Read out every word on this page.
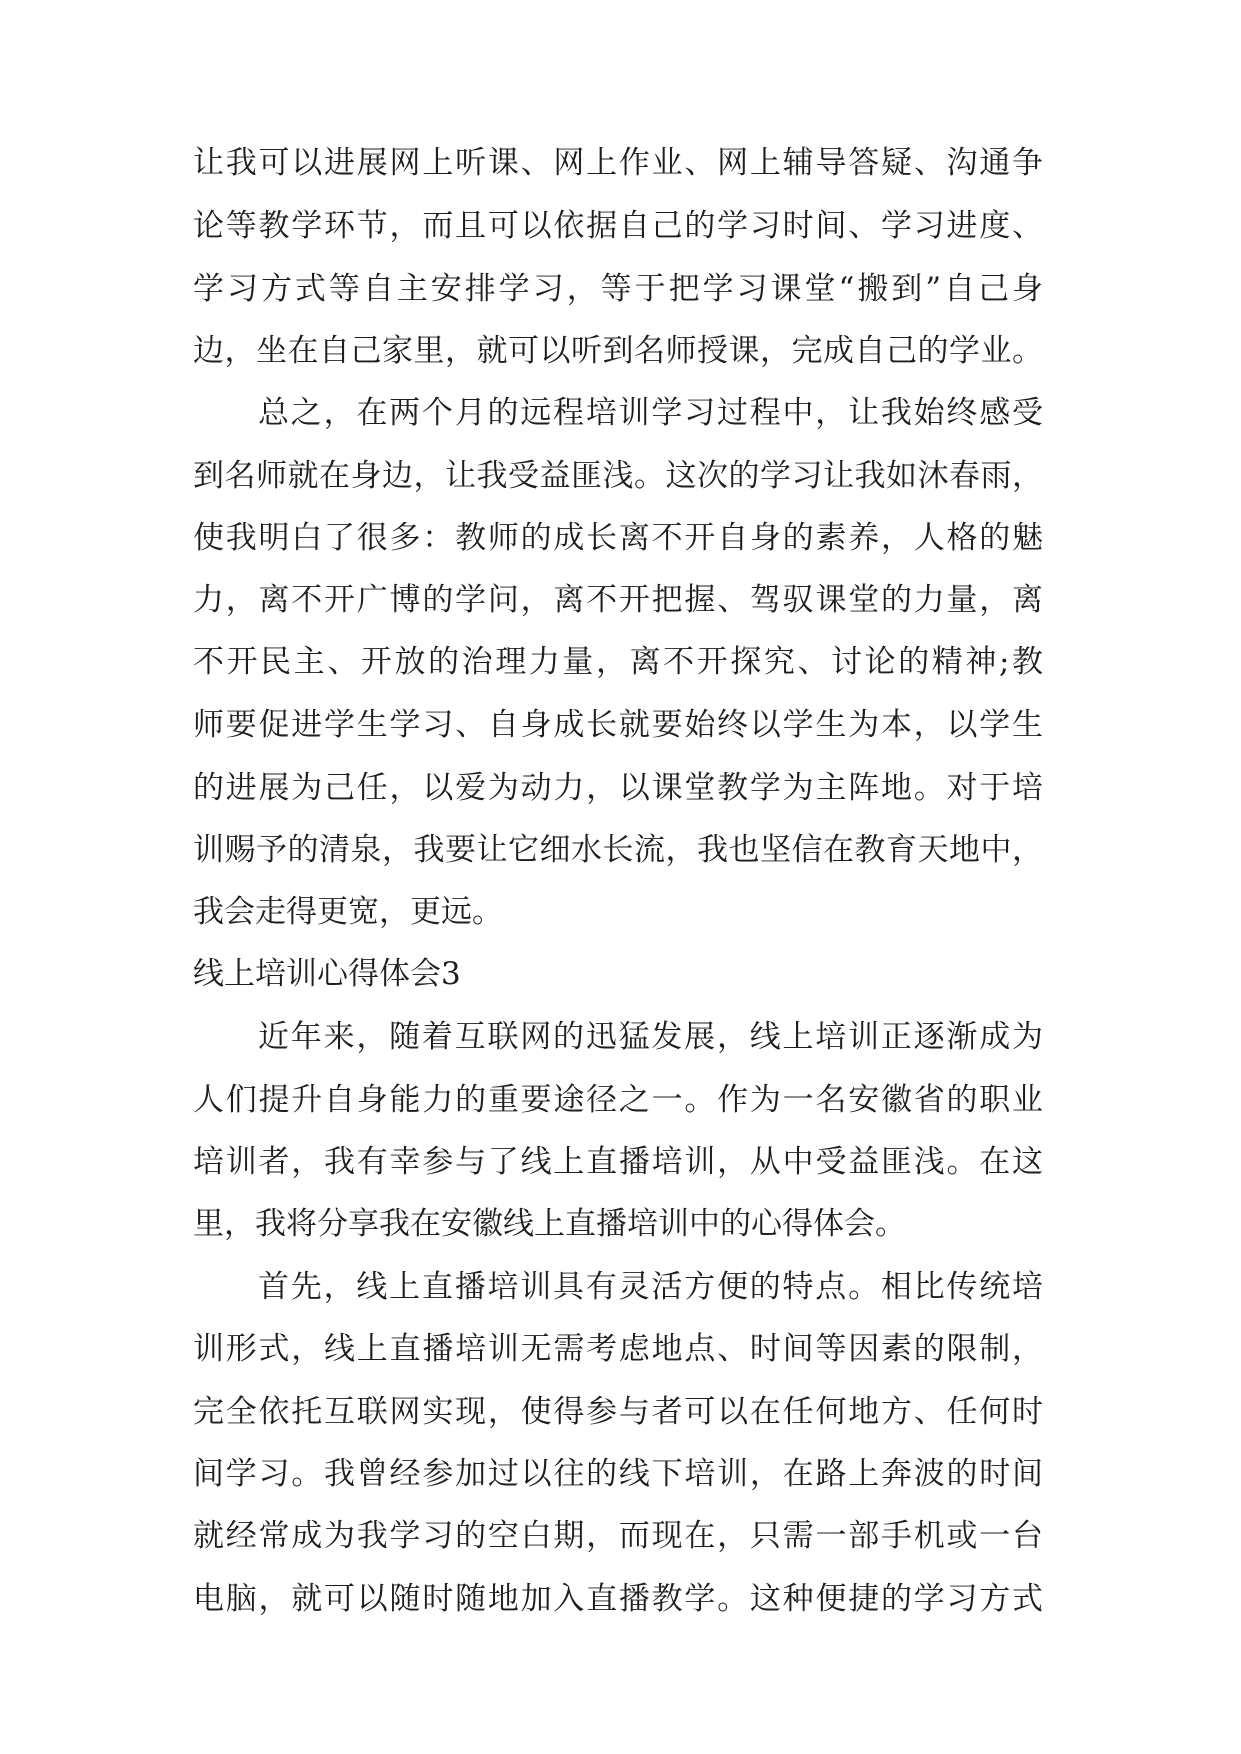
让我可以进展网上听课、网上作业、网上辅导答疑、沟通争

论等教学环节，而且可以依据自己的学习时间、学习进度、

学习方式等自主安排学习，等于把学习课堂“搬到”自己身

边，坐在自己家里，就可以听到名师授课，完成自己的学业。

总之，在两个月的远程培训学习过程中，让我始终感受

到名师就在身边，让我受益匪浅。这次的学习让我如沐春雨，

使我明白了很多：教师的成长离不开自身的素养，人格的魅

力，离不开广博的学问，离不开把握、驾驭课堂的力量，离

不开民主、开放的治理力量，离不开探究、讨论的精神;教

师要促进学生学习、自身成长就要始终以学生为本，以学生

的进展为己任，以爱为动力，以课堂教学为主阵地。对于培

训赐予的清泉，我要让它细水长流，我也坚信在教育天地中，

我会走得更宽，更远。

线上培训心得体会3

近年来，随着互联网的迅猛发展，线上培训正逐渐成为

人们提升自身能力的重要途径之一。作为一名安徽省的职业

培训者，我有幸参与了线上直播培训，从中受益匪浅。在这

里，我将分享我在安徽线上直播培训中的心得体会。

首先，线上直播培训具有灵活方便的特点。相比传统培

训形式，线上直播培训无需考虑地点、时间等因素的限制，

完全依托互联网实现，使得参与者可以在任何地方、任何时

间学习。我曾经参加过以往的线下培训，在路上奔波的时间

就经常成为我学习的空白期，而现在，只需一部手机或一台

电脑，就可以随时随地加入直播教学。这种便捷的学习方式
